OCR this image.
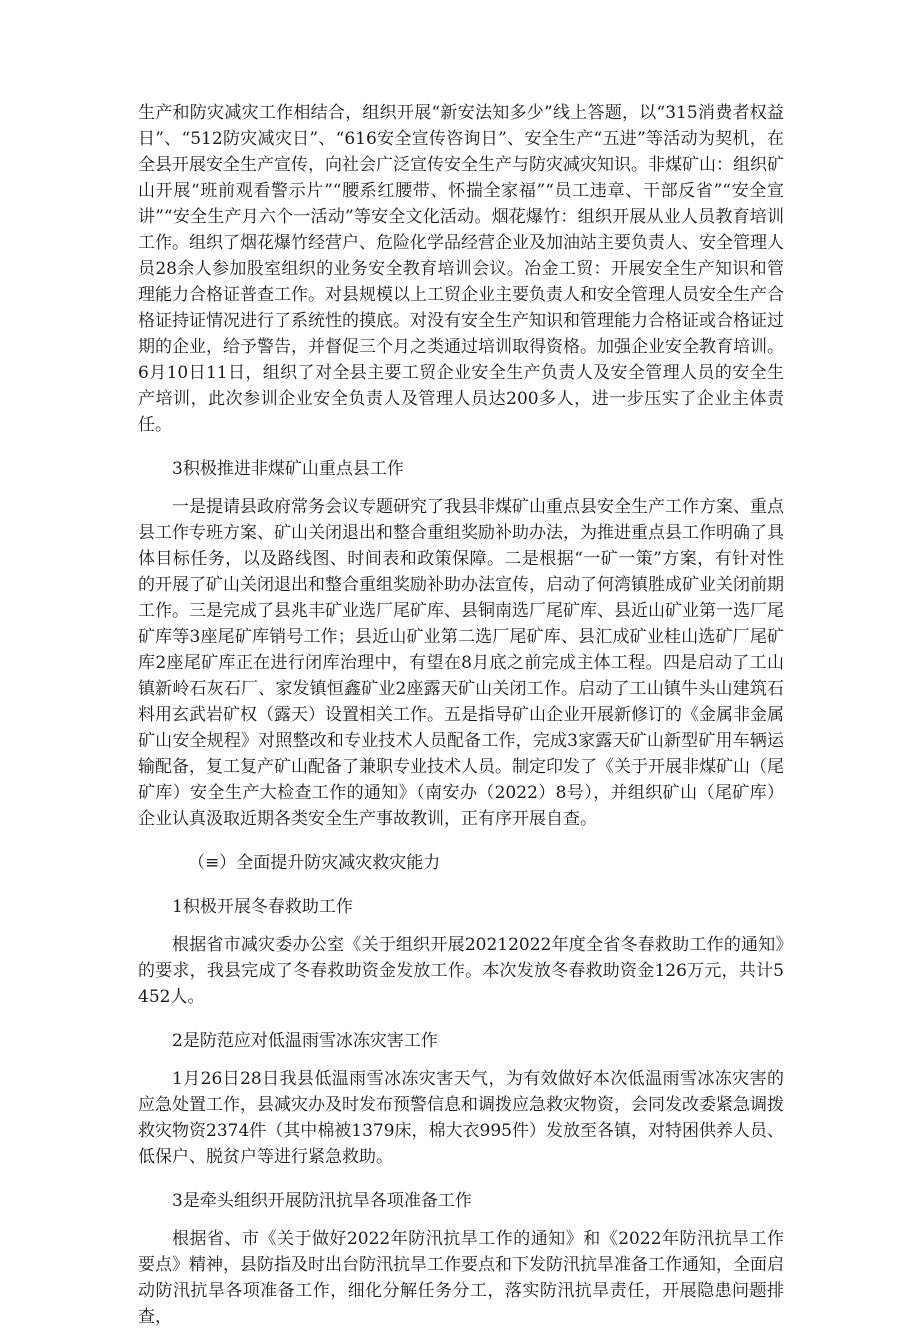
生产和防灾减灾工作相结合，组织开展“新安法知多少”线上答题，以“315消费者权益日”、“512防灾减灾日”、“616安全宣传咨询日”、安全生产“五进”等活动为契机，在全县开展安全生产宣传，向社会广泛宣传安全生产与防灾减灾知识。非煤矿山：组织矿山开展“班前观看警示片”“腰系红腰带、怀揣全家福”“员工违章、干部反省”“安全宣讲”“安全生产月六个一活动”等安全文化活动。烟花爆竹：组织开展从业人员教育培训工作。组织了烟花爆竹经营户、危险化学品经营企业及加油站主要负责人、安全管理人员28余人参加股室组织的业务安全教育培训会议。冶金工贸：开展安全生产知识和管理能力合格证普查工作。对县规模以上工贸企业主要负责人和安全管理人员安全生产合格证持证情况进行了系统性的摸底。对没有安全生产知识和管理能力合格证或合格证过期的企业，给予警告，并督促三个月之类通过培训取得资格。加强企业安全教育培训。6月10日11日，组织了对全县主要工贸企业安全生产负责人及安全管理人员的安全生产培训，此次参训企业安全负责人及管理人员达200多人，进一步压实了企业主体责任。

3积极推进非煤矿山重点县工作

一是提请县政府常务会议专题研究了我县非煤矿山重点县安全生产工作方案、重点县工作专班方案、矿山关闭退出和整合重组奖励补助办法，为推进重点县工作明确了具体目标任务，以及路线图、时间表和政策保障。二是根据“一矿一策”方案，有针对性的开展了矿山关闭退出和整合重组奖励补助办法宣传，启动了何湾镇胜成矿业关闭前期工作。三是完成了县兆丰矿业选厂尾矿库、县铜南选厂尾矿库、县近山矿业第一选厂尾矿库等3座尾矿库销号工作；县近山矿业第二选厂尾矿库、县汇成矿业桂山选矿厂尾矿库2座尾矿库正在进行闭库治理中，有望在8月底之前完成主体工程。四是启动了工山镇新岭石灰石厂、家发镇恒鑫矿业2座露天矿山关闭工作。启动了工山镇牛头山建筑石料用玄武岩矿权（露天）设置相关工作。五是指导矿山企业开展新修订的《金属非金属矿山安全规程》对照整改和专业技术人员配备工作，完成3家露天矿山新型矿用车辆运输配备，复工复产矿山配备了兼职专业技术人员。制定印发了《关于开展非煤矿山（尾矿库）安全生产大检查工作的通知》（南安办（2022）8号），并组织矿山（尾矿库）企业认真汲取近期各类安全生产事故教训，正有序开展自查。

（≡）全面提升防灾减灾救灾能力

1积极开展冬春救助工作

根据省市减灾委办公室《关于组织开展20212022年度全省冬春救助工作的通知》的要求，我县完成了冬春救助资金发放工作。本次发放冬春救助资金126万元，共计5452人。

2是防范应对低温雨雪冰冻灾害工作

1月26日28日我县低温雨雪冰冻灾害天气，为有效做好本次低温雨雪冰冻灾害的应急处置工作，县减灾办及时发布预警信息和调拨应急救灾物资，会同发改委紧急调拨救灾物资2374件（其中棉被1379床，棉大衣995件）发放至各镇，对特困供养人员、低保户、脱贫户等进行紧急救助。

3是牵头组织开展防汛抗旱各项准备工作

根据省、市《关于做好2022年防汛抗旱工作的通知》和《2022年防汛抗旱工作要点》精神，县防指及时出台防汛抗旱工作要点和下发防汛抗旱准备工作通知，全面启动防汛抗旱各项准备工作，细化分解任务分工，落实防汛抗旱责任，开展隐患问题排查，
